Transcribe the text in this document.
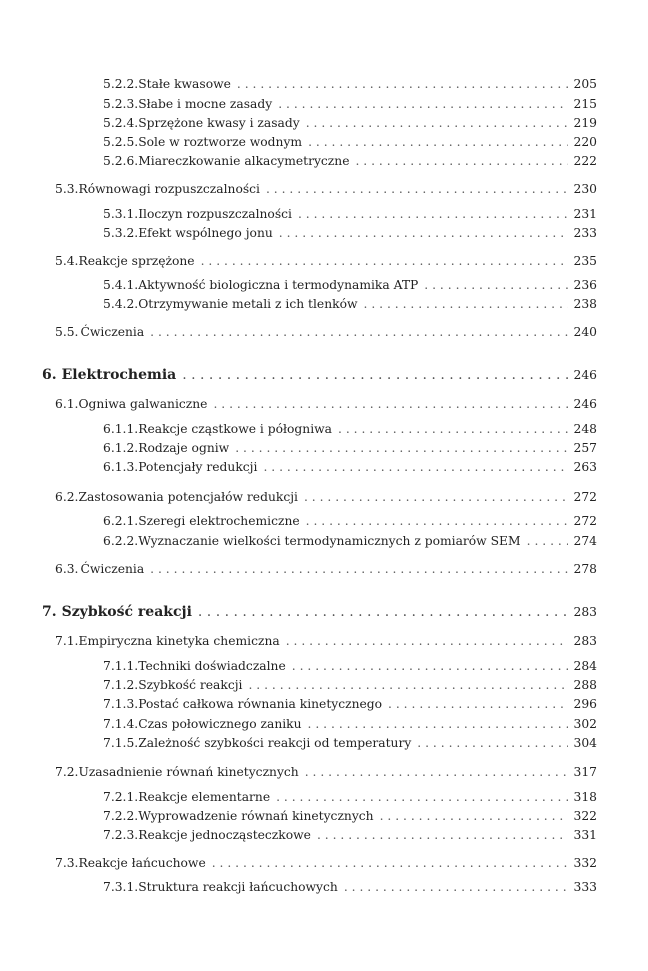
5.2.2. Stałe kwasowe . . .	205
5.2.3. Słabe i mocne zasady . . .	215
5.2.4. Sprzężone kwasy i zasady . . .	219
5.2.5. Sole w roztworze wodnym . . .	220
5.2.6. Miareczkowanie alkacymetryczne . . .	222
5.3. Równowagi rozpuszczalności . . .	230
5.3.1. Iloczyn rozpuszczalności . . .	231
5.3.2. Efekt wspólnego jonu . . .	233
5.4. Reakcje sprzężone . . .	235
5.4.1. Aktywność biologiczna i termodynamika ATP . . .	236
5.4.2. Otrzymywanie metali z ich tlenków . . .	238
5.5. Ćwiczenia . . .	240
6. Elektrochemia . . .	246
6.1. Ogniwa galwaniczne . . .	246
6.1.1. Reakcje cząstkowe i półogniwa . . .	248
6.1.2. Rodzaje ogniw . . .	257
6.1.3. Potencjały redukcji . . .	263
6.2. Zastosowania potencjałów redukcji . . .	272
6.2.1. Szeregi elektrochemiczne . . .	272
6.2.2. Wyznaczanie wielkości termodynamicznych z pomiarów SEM . . .	274
6.3. Ćwiczenia . . .	278
7. Szybkość reakcji . . .	283
7.1. Empiryczna kinetyka chemiczna . . .	283
7.1.1. Techniki doświadczalne . . .	284
7.1.2. Szybkość reakcji . . .	288
7.1.3. Postać całkowa równania kinetycznego . . .	296
7.1.4. Czas połowicznego zaniku . . .	302
7.1.5. Zależność szybkości reakcji od temperatury . . .	304
7.2. Uzasadnienie równań kinetycznych . . .	317
7.2.1. Reakcje elementarne . . .	318
7.2.2. Wyprowadzenie równań kinetycznych . . .	322
7.2.3. Reakcje jednocząsteczkowe . . .	331
7.3. Reakcje łańcuchowe . . .	332
7.3.1. Struktura reakcji łańcuchowych . . .	333
